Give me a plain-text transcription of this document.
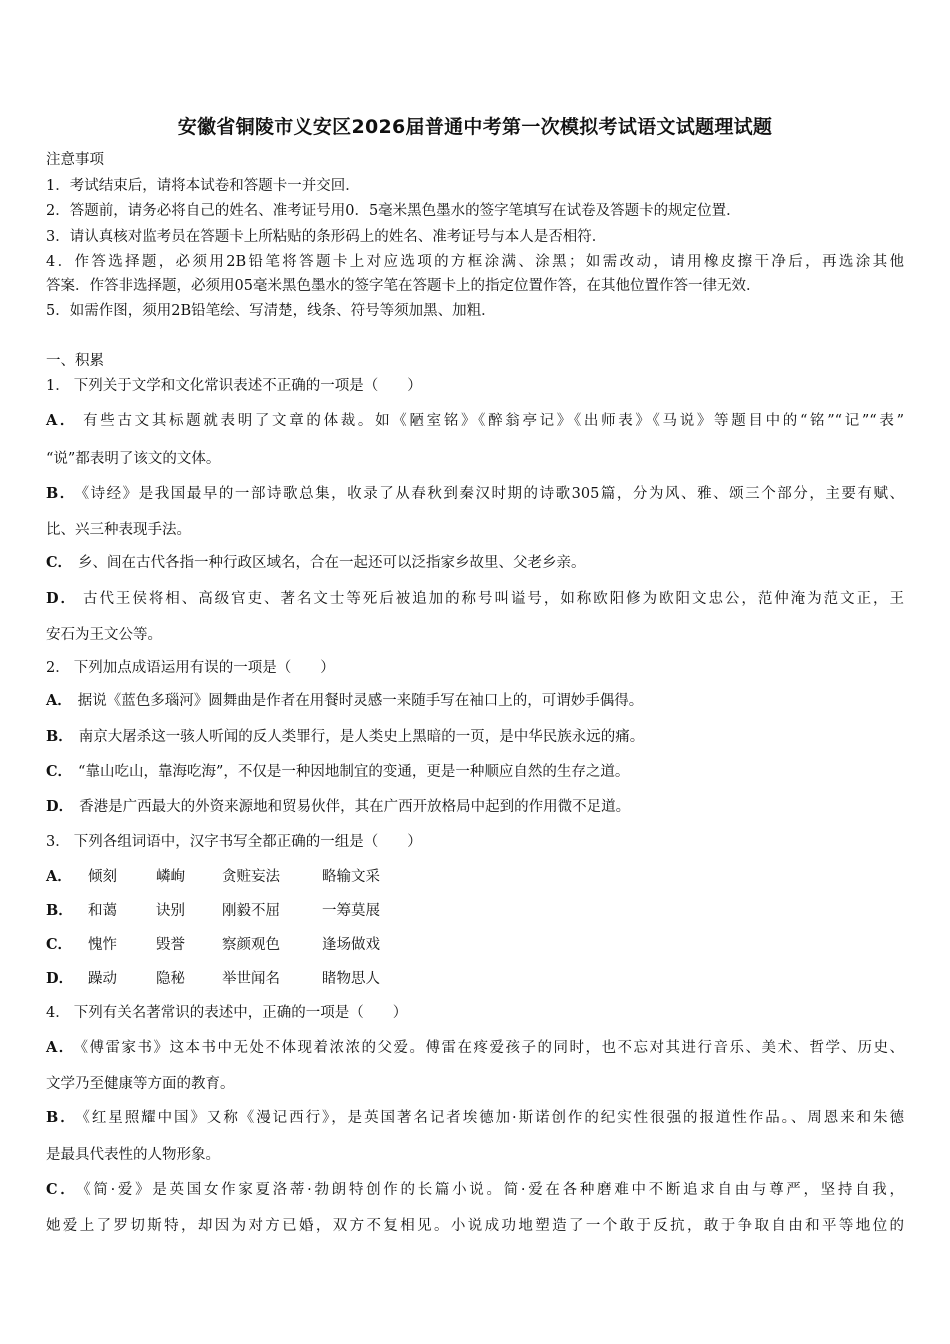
安徽省铜陵市义安区2026届普通中考第一次模拟考试语文试题理试题
注意事项
1．考试结束后，请将本试卷和答题卡一并交回．
2．答题前，请务必将自己的姓名、准考证号用0．5毫米黑色墨水的签字笔填写在试卷及答题卡的规定位置．
3．请认真核对监考员在答题卡上所粘贴的条形码上的姓名、准考证号与本人是否相符．
4．作答选择题，必须用2B铅笔将答题卡上对应选项的方框涂满、涂黑；如需改动，请用橡皮擦干净后，再选涂其他
答案．作答非选择题，必须用05毫米黑色墨水的签字笔在答题卡上的指定位置作答，在其他位置作答一律无效．
5．如需作图，须用2B铅笔绘、写清楚，线条、符号等须加黑、加粗．
一、积累
1． 下列关于文学和文化常识表述不正确的一项是（　　）
A． 有些古文其标题就表明了文章的体裁。如《陋室铭》《醉翁亭记》《出师表》《马说》等题目中的“铭”“记”“表”
“说”都表明了该文的文体。
B． 《诗经》是我国最早的一部诗歌总集，收录了从春秋到秦汉时期的诗歌305篇，分为风、雅、颂三个部分，主要有赋、
比、兴三种表现手法。
C． 乡、闾在古代各指一种行政区域名，合在一起还可以泛指家乡故里、父老乡亲。
D． 古代王侯将相、高级官吏、著名文士等死后被追加的称号叫谥号，如称欧阳修为欧阳文忠公，范仲淹为范文正，王
安石为王文公等。
2． 下列加点成语运用有误的一项是（　　）
A． 据说《蓝色多瑙河》圆舞曲是作者在用餐时灵感一来随手写在袖口上的，可谓妙手偶得。
B． 南京大屠杀这一骇人听闻的反人类罪行，是人类史上黑暗的一页，是中华民族永远的痛。
C． “靠山吃山，靠海吃海”，不仅是一种因地制宜的变通，更是一种顺应自然的生存之道。
D． 香港是广西最大的外资来源地和贸易伙伴，其在广西开放格局中起到的作用微不足道。
3． 下列各组词语中，汉字书写全都正确的一组是（　　）
A． 倾刻	嶙峋	贪赃妄法	略输文采
B． 和蔼	诀别	刚毅不屈	一筹莫展
C． 愧怍	毁誉	察颜观色	逢场做戏
D． 躁动	隐秘	举世闻名	睹物思人
4． 下列有关名著常识的表述中，正确的一项是（　　）
A． 《傅雷家书》这本书中无处不体现着浓浓的父爱。傅雷在疼爱孩子的同时，也不忘对其进行音乐、美术、哲学、历史、
文学乃至健康等方面的教育。
B． 《红星照耀中国》又称《漫记西行》，是英国著名记者埃德加·斯诺创作的纪实性很强的报道性作品。、周恩来和朱德
是最具代表性的人物形象。
C． 《简·爱》是英国女作家夏洛蒂·勃朗特创作的长篇小说。简·爱在各种磨难中不断追求自由与尊严，坚持自我，
她爱上了罗切斯特，却因为对方已婚，双方不复相见。小说成功地塑造了一个敢于反抗，敢于争取自由和平等地位的
